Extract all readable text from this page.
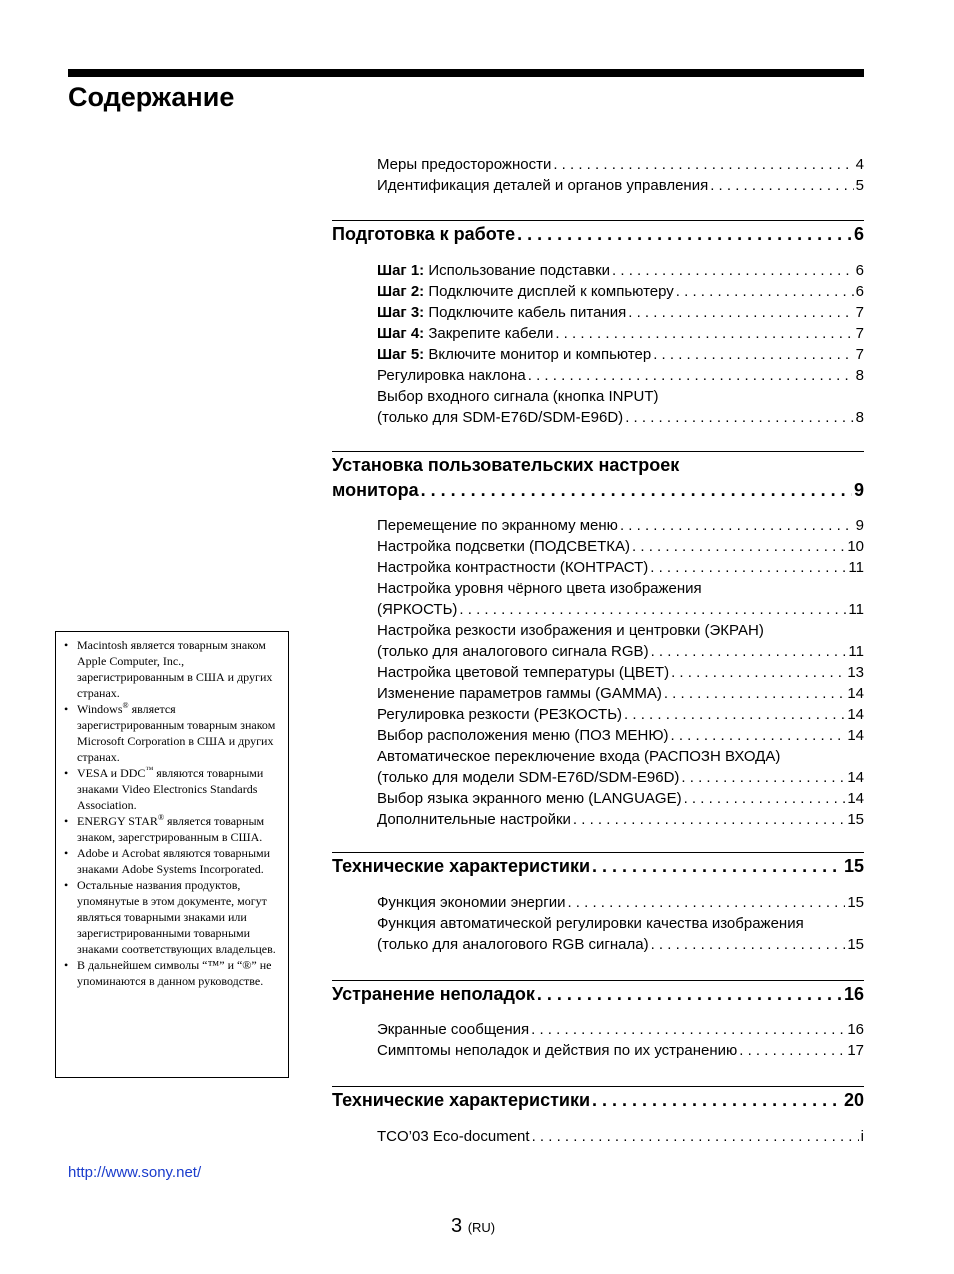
Содержание
Меры предосторожности . . .	4
Идентификация деталей и органов управления . . .	5
Подготовка к работе . . .	6
Шаг 1: Использование подставки . . .	6
Шаг 2: Подключите дисплей к компьютеру . . .	6
Шаг 3: Подключите кабель питания . . .	7
Шаг 4: Закрепите кабели . . .	7
Шаг 5: Включите монитор и компьютер . . .	7
Регулировка наклона . . .	8
Выбор входного сигнала (кнопка INPUT)
(только для SDM-E76D/SDM-E96D) . . .	8
Установка пользовательских настроек
монитора . . .	9
Перемещение по экранному меню . . .	9
Настройка подсветки (ПОДСВЕТКА) . . .	10
Настройка контрастности (КОНТРАСТ) . . .	11
Настройка уровня чёрного цвета изображения
(ЯРКОСТЬ) . . .	11
Настройка резкости изображения и центровки (ЭКРАН)
(только для аналогового сигнала RGB) . . .	11
Настройка цветовой температуры (ЦВЕТ) . . .	13
Изменение параметров гаммы (GAMMA) . . .	14
Регулировка резкости (РЕЗКОСТЬ) . . .	14
Выбор расположения меню (ПОЗ МЕНЮ) . . .	14
Автоматическое переключение входа (РАСПОЗН ВХОДА)
(только для модели SDM-E76D/SDM-E96D) . . .	14
Выбор языка экранного меню (LANGUAGE) . . .	14
Дополнительные настройки . . .	15
Технические характеристики . . .	15
Функция экономии энергии . . .	15
Функция автоматической регулировки качества изображения
(только для аналогового RGB сигнала) . . .	15
Устранение неполадок . . .	16
Экранные сообщения . . .	16
Симптомы неполадок и действия по их устранению . . .	17
Технические характеристики . . .	20
TCO’03 Eco-document . . .	i
• Macintosh является товарным знаком Apple Computer, Inc., зарегистрированным в США и других странах.
• Windows® является зарегистрированным товарным знаком Microsoft Corporation в США и других странах.
• VESA и DDC™ являются товарными знаками Video Electronics Standards Association.
• ENERGY STAR® является товарным знаком, зарегстрированным в США.
• Adobe и Acrobat являются товарными знаками Adobe Systems Incorporated.
• Остальные названия продуктов, упомянутые в этом документе, могут являться товарными знаками или зарегистрированными товарными знаками соответствующих владельцев.
• В дальнейшем символы “™” и “®” не упоминаются в данном руководстве.
http://www.sony.net/
3 (RU)
